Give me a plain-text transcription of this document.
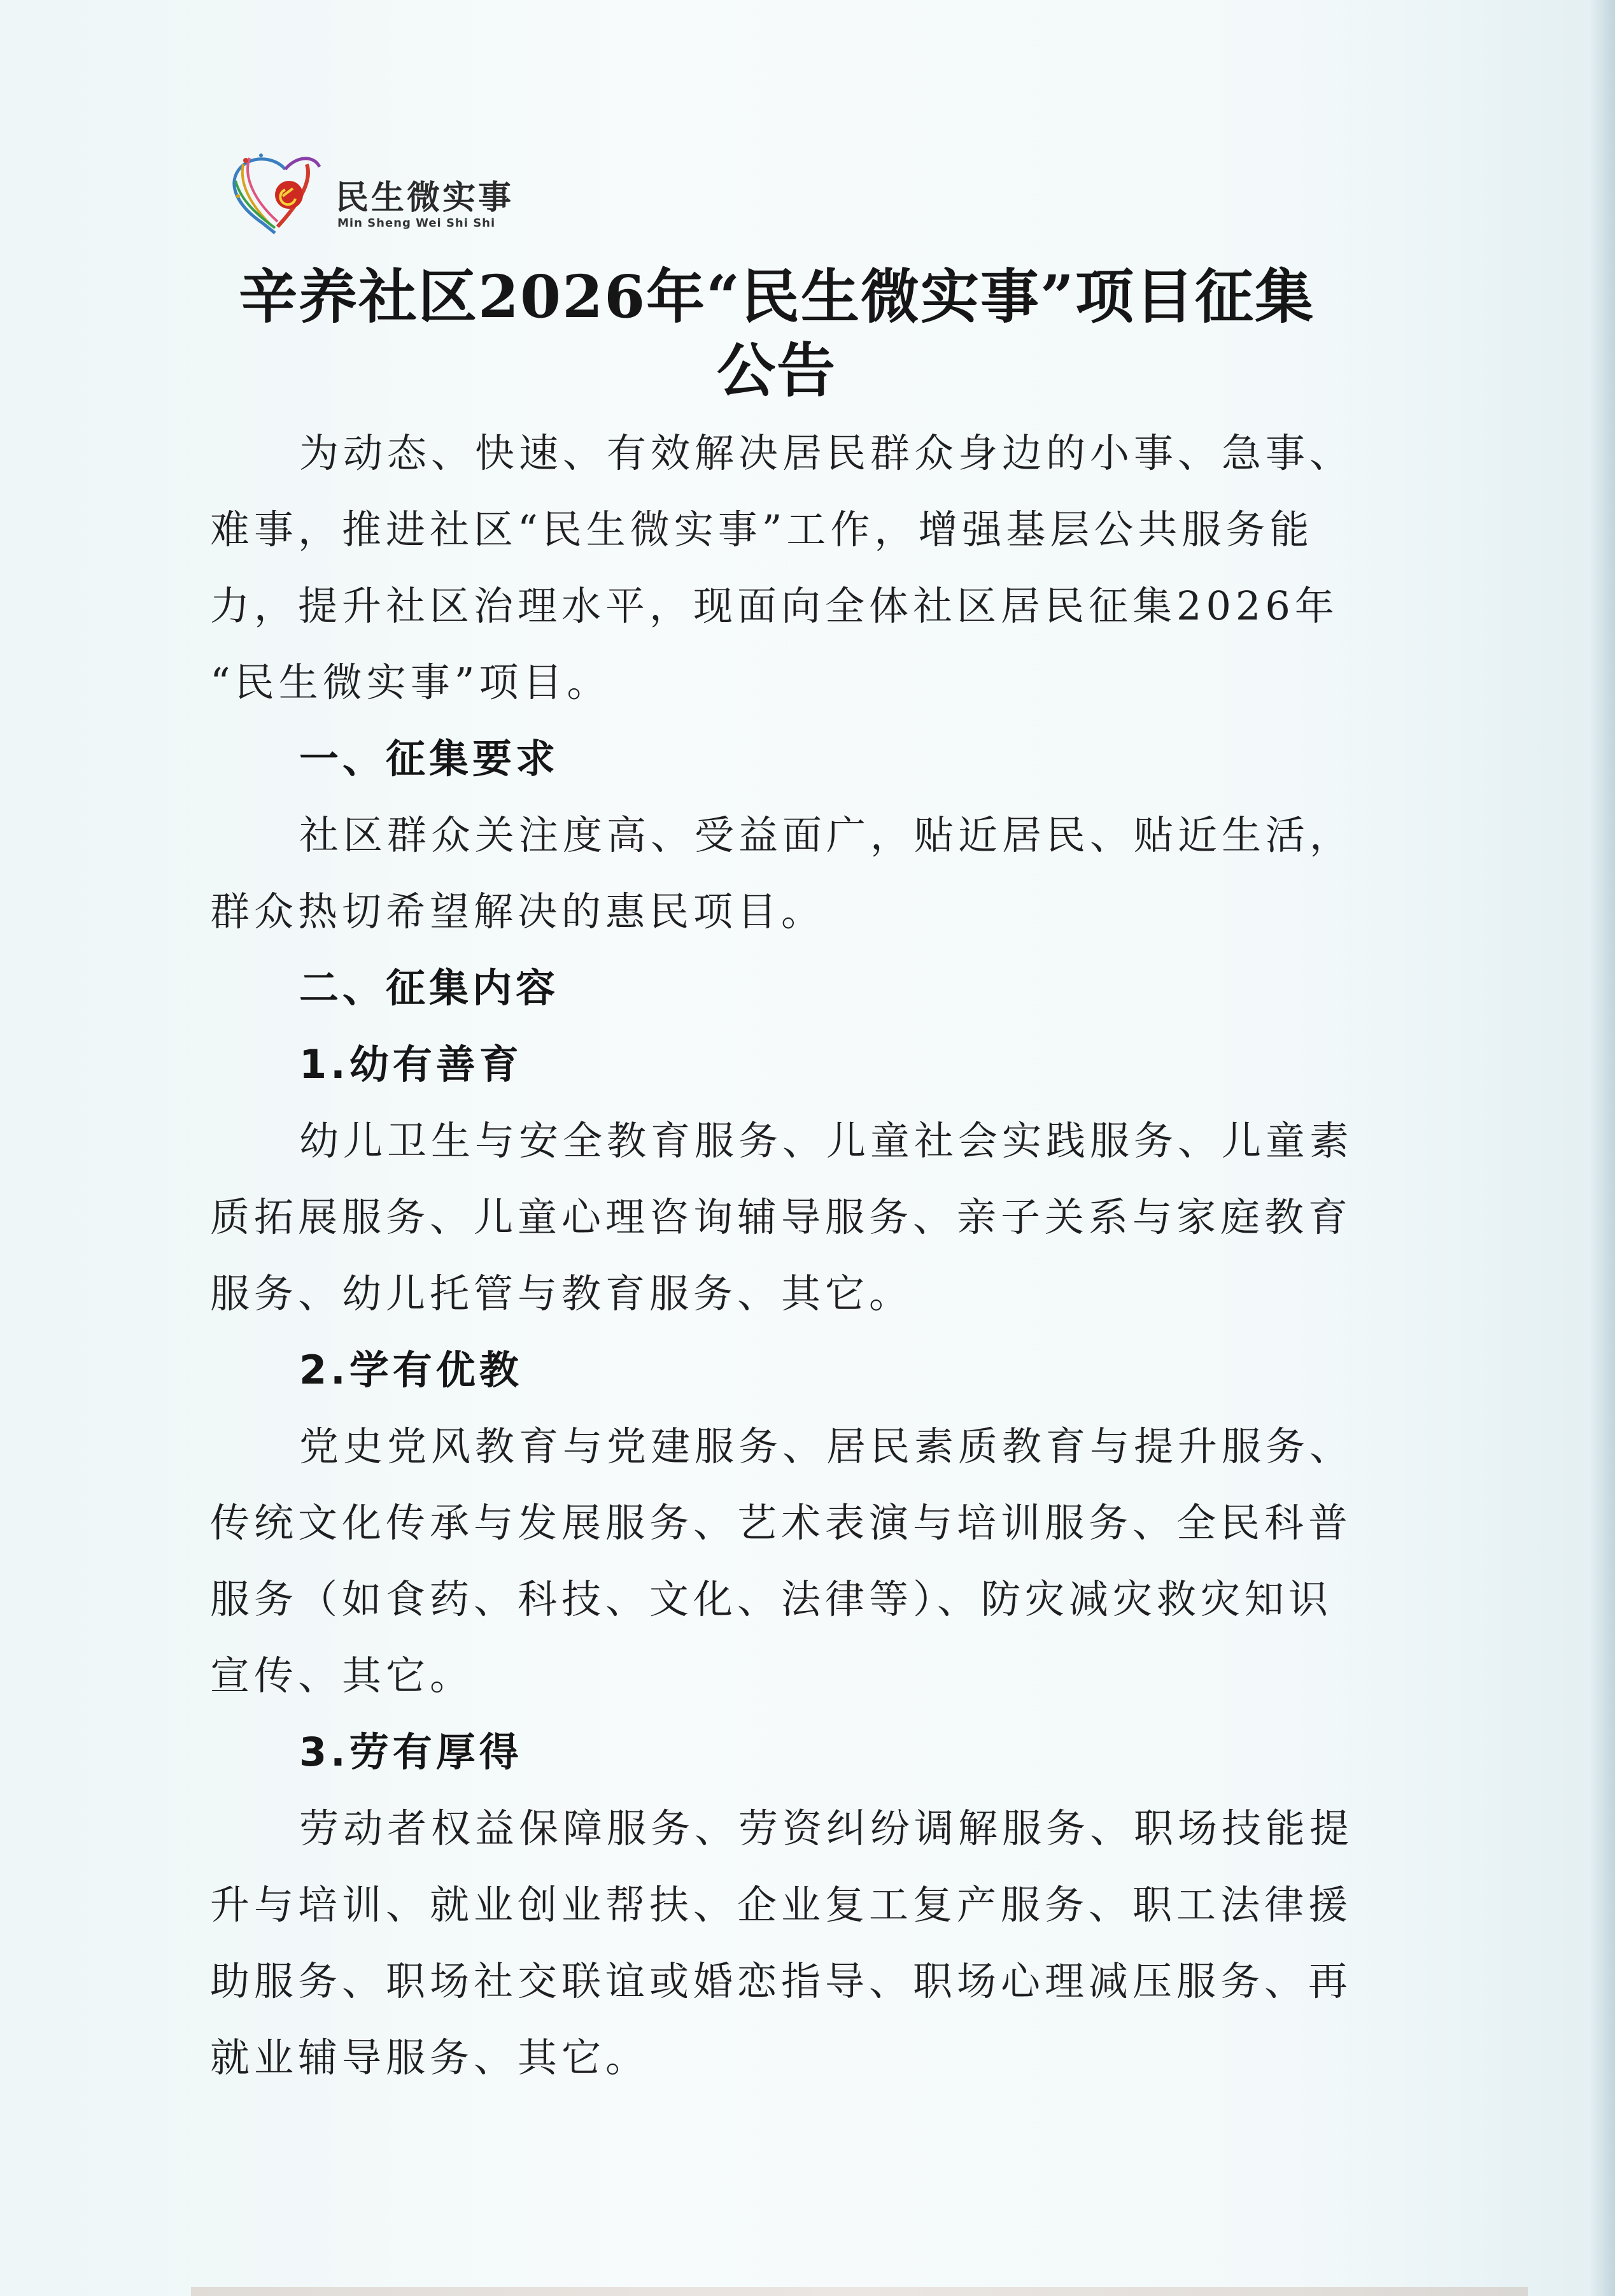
民生微实事
Min Sheng Wei Shi Shi
辛养社区2026年“民生微实事”项目征集
公告
为动态、快速、有效解决居民群众身边的小事、急事、
难事，推进社区“民生微实事”工作，增强基层公共服务能
力，提升社区治理水平，现面向全体社区居民征集2026年
“民生微实事”项目。
一、征集要求
社区群众关注度高、受益面广，贴近居民、贴近生活，
群众热切希望解决的惠民项目。
二、征集内容
1.幼有善育
幼儿卫生与安全教育服务、儿童社会实践服务、儿童素
质拓展服务、儿童心理咨询辅导服务、亲子关系与家庭教育
服务、幼儿托管与教育服务、其它。
2.学有优教
党史党风教育与党建服务、居民素质教育与提升服务、
传统文化传承与发展服务、艺术表演与培训服务、全民科普
服务（如食药、科技、文化、法律等）、防灾减灾救灾知识
宣传、其它。
3.劳有厚得
劳动者权益保障服务、劳资纠纷调解服务、职场技能提
升与培训、就业创业帮扶、企业复工复产服务、职工法律援
助服务、职场社交联谊或婚恋指导、职场心理减压服务、再
就业辅导服务、其它。
